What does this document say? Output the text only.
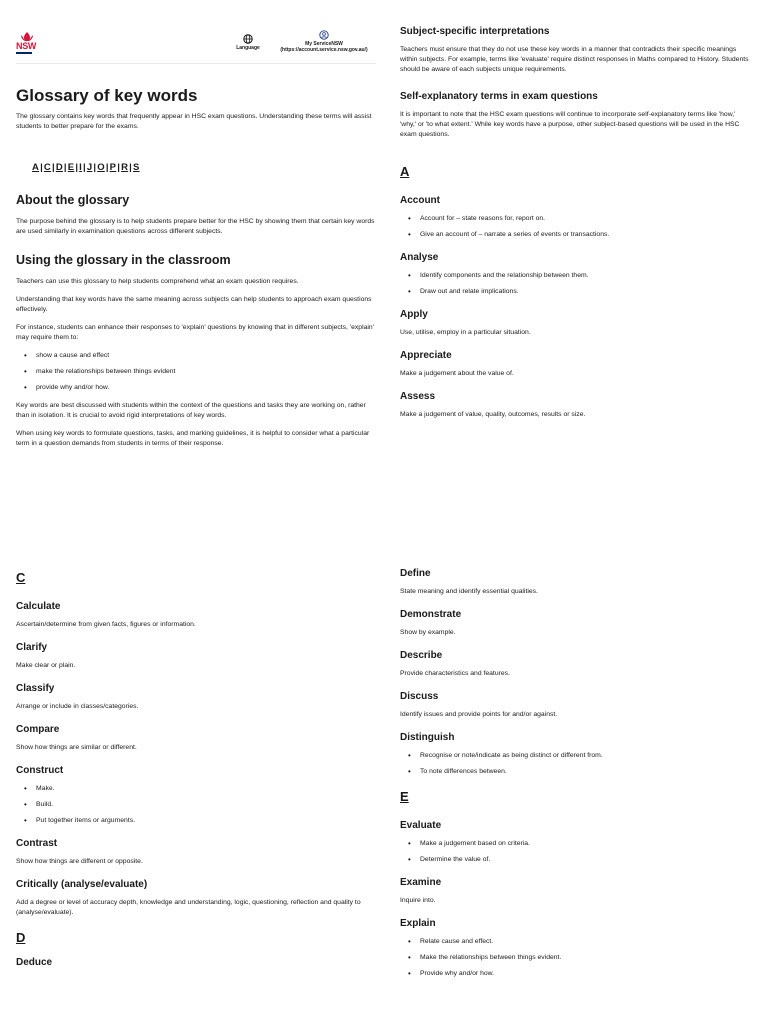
NSW	Language
My ServiceNSW
(https://account.service.nsw.gov.au/)
Glossary of key words

The glossary contains key words that frequently appear in HSC exam questions. Understanding these terms will assist students to better prepare for the exams.

A|C|D|E|I|J|O|P|R|S
About the glossary

The purpose behind the glossary is to help students prepare better for the HSC by showing them that certain key words are used similarly in examination questions across different subjects.

Using the glossary in the classroom

Teachers can use this glossary to help students comprehend what an exam question requires.

Understanding that key words have the same meaning across subjects can help students to approach exam questions effectively.

For instance, students can enhance their responses to 'explain' questions by knowing that in different subjects, 'explain' may require them to:

• show a cause and effect
• make the relationships between things evident
• provide why and/or how.

Key words are best discussed with students within the context of the questions and tasks they are working on, rather than in isolation. It is crucial to avoid rigid interpretations of key words.

When using key words to formulate questions, tasks, and marking guidelines, it is helpful to consider what a particular term in a question demands from students in terms of their response.

Subject-specific interpretations

Teachers must ensure that they do not use these key words in a manner that contradicts their specific meanings within subjects. For example, terms like 'evaluate' require distinct responses in Maths compared to History. Students should be aware of each subjects unique requirements.

Self-explanatory terms in exam questions

It is important to note that the HSC exam questions will continue to incorporate self-explanatory terms like 'how,' 'why,' or 'to what extent.' While key words have a purpose, other subject-based questions will be used in the HSC exam questions.

A
Account
• Account for – state reasons for, report on.
• Give an account of – narrate a series of events or transactions.
Analyse
• Identify components and the relationship between them.
• Draw out and relate implications.
Apply

Use, utilise, employ in a particular situation.

Appreciate

Make a judgement about the value of.

Assess

Make a judgement of value, quality, outcomes, results or size.

C
Calculate

Ascertain/determine from given facts, figures or information.

Clarify

Make clear or plain.

Classify

Arrange or include in classes/categories.

Compare

Show how things are similar or different.

Construct
• Make.
• Build.
• Put together items or arguments.
Contrast

Show how things are different or opposite.

Critically (analyse/evaluate)

Add a degree or level of accuracy depth, knowledge and understanding, logic, questioning, reflection and quality to (analyse/evaluate).

D
Deduce
Define

State meaning and identify essential qualities.

Demonstrate

Show by example.

Describe

Provide characteristics and features.

Discuss

Identify issues and provide points for and/or against.

Distinguish
• Recognise or note/indicate as being distinct or different from.
• To note differences between.
E
Evaluate
• Make a judgement based on criteria.
• Determine the value of.
Examine

Inquire into.

Explain
• Relate cause and effect.
• Make the relationships between things evident.
• Provide why and/or how.
